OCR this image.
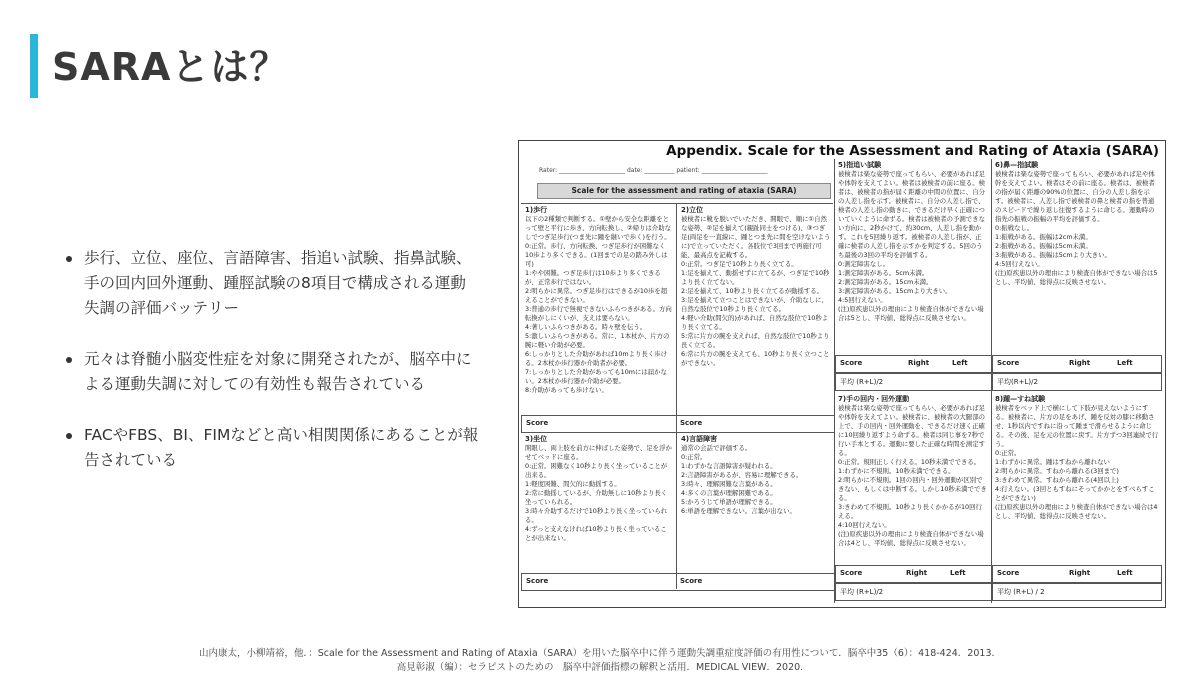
SARAとは？
歩行、立位、座位、言語障害、指追い試験、指鼻試験、手の回内回外運動、踵脛試験の8項目で構成される運動失調の評価バッテリー
元々は脊髄小脳変性症を対象に開発されたが、脳卒中による運動失調に対しての有効性も報告されている
FACやFBS、BI、FIMなどと高い相関関係にあることが報告されている
Appendix. Scale for the Assessment and Rating of Ataxia (SARA)
Rater: ______________________ date: __________ patient: ______________________
Scale for the assessment and rating of ataxia (SARA)
1)歩行

以下の2種類で判断する。①壁から安全な距離をとって壁と平行に歩き、方向転換し、②帰りは介助なしでつぎ足歩行(つま先に踵を継いで歩く)を行う。

0:正常。歩行、方向転換、つぎ足歩行が困難なく10歩より多くできる。(1回までの足の踏み外しは可)

1:やや困難。つぎ足歩行は10歩より多くできるが、正常歩行ではない。

2:明らかに異常。つぎ足歩行はできるが10歩を超えることができない。

3:普通の歩行で無視できないふらつきがある。方向転換がしにくいが、支えは要らない。

4:著しいふらつきがある。時々壁を伝う。

5:激しいふらつきがある。常に、1本杖か、片方の腕に軽い介助が必要。

6:しっかりとした介助があれば10mより長く歩ける。2本杖か歩行器か介助者が必要。

7:しっかりとした介助があっても10mには届かない。2本杖か歩行器か介助が必要。

8:介助があっても歩けない。

2)立位

被検者に靴を脱いでいただき、開眼で、順に①自然な姿勢、②足を揃えて(親趾同士をつける)、③つぎ足(両足を一直線に、踵とつま先に間を空けないように)で立っていただく。各肢位で3回まで再施行可能、最高点を記載する。

0:正常。つぎ足で10秒より長く立てる。

1:足を揃えて、動揺せずに立てるが、つぎ足で10秒より長く立てない。

2:足を揃えて、10秒より長く立てるが動揺する。

3:足を揃えて立つことはできないが、介助なしに、自然な肢位で10秒より長く立てる。

4:軽い介助(間欠的)があれば、自然な肢位で10秒より長く立てる。

5:常に片方の腕を支えれば、自然な肢位で10秒より長く立てる。

6:常に片方の腕を支えても、10秒より長く立つことができない。

Score	Score
3)坐位

開眼し、両上肢を前方に伸ばした姿勢で、足を浮かせてベッドに座る。

0:正常。困難なく10秒より長く坐っていることが出来る。

1:軽度困難、間欠的に動揺する。

2:常に動揺しているが、介助無しに10秒より長く坐っていられる。

3:時々介助するだけで10秒より長く坐っていられる。

4:ずっと支えなければ10秒より長く坐っていることが出来ない。

4)言語障害

通常の会話で評価する。

0:正常。

1:わずかな言語障害が疑われる。

2:言語障害があるが、容易に理解できる。

3:時々、理解困難な言葉がある。

4:多くの言葉が理解困難である。

5:かろうじて単語が理解できる。

6:単語を理解できない。言葉が出ない。

Score	Score
5)指追い試験

被検者は楽な姿勢で座ってもらい、必要があれば足や体幹を支えてよい。検者は被検者の前に座る。検者は、被検者の指が届く距離の中間の位置に、自分の人差し指を示す。被検者に、自分の人差し指で、検者の人差し指の動きに、できるだけ早く正確についていくように命ずる。検者は被検者の予測できない方向に、2秒かけて、約30cm、人差し指を動かす。これを5回繰り返す。被検者の人差し指が、正確に検者の人差し指を示すかを判定する。5回のうち最後の3回の平均を評価する。

0:測定障害なし。

1:測定障害がある。5cm未満。

2:測定障害がある。15cm未満。

3:測定障害がある。15cmより大きい。

4:5回行えない。

(注)原疾患以外の理由により検査自体ができない場合は5とし、平均値、総得点に反映させない。

6)鼻—指試験

被検者は楽な姿勢で座ってもらい、必要があれば足や体幹を支えてよい。検者はその前に座る。検者は、被検者の指が届く距離の90%の位置に、自分の人差し指を示す。被検者に、人差し指で被検者の鼻と検者の指を普通のスピードで繰り返し往復するように命じる。運動時の指先の振戦の振幅の平均を評価する。

0:振戦なし。

1:振戦がある。振幅は2cm未満。

2:振戦がある。振幅は5cm未満。

3:振戦がある。振幅は5cmより大きい。

4:5回行えない。

(注)原疾患以外の理由により検査自体ができない場合は5とし、平均値、総得点に反映させない。

Score	Right	Left
平均 (R+L)/2
Score	Right	Left
平均(R+L)/2
7)手の回内・回外運動

被検者は楽な姿勢で座ってもらい、必要があれば足や体幹を支えてよい。被検者に、被検者の大腿部の上で、手の回内・回外運動を、できるだけ速く正確に10回繰り返すよう命ずる。検者は同じ事を7秒で行い手本とする。運動に要した正確な時間を測定する。

0:正常。規則正しく行える。10秒未満でできる。

1:わずかに不規則。10秒未満でできる。

2:明らかに不規則。1回の回内・回外運動が区別できない、もしくは中断する。しかし10秒未満でできる。

3:きわめて不規則。10秒より長くかかるが10回行える。

4:10回行えない。

(注)原疾患以外の理由により検査自体ができない場合は4とし、平均値、総得点に反映させない。

8)踵—すね試験

被検者をベッド上で横にして下肢が見えないようにする。被検者に、片方の足をあげ、踵を反対の膝に移動させ、1秒以内ですねに沿って踵まで滑らせるように命じる。その後、足を元の位置に戻す。片方ずつ3回連続で行う。

0:正常。

1:わずかに異常。踵はすねから離れない

2:明らかに異常。すねから離れる(3回まで)

3:きわめて異常。すねから離れる(4回以上)

4:行えない。(3回ともすねにそってかかとをすべらすことができない)

(注)原疾患以外の理由により検査自体ができない場合は4とし、平均値、総得点に反映させない。

Score	Right	Left
平均 (R+L)/2
Score	Right	Left
平均 (R+L) / 2
山内康太，小柳靖裕，他．：Scale for the Assessment and Rating of Ataxia（SARA）を用いた脳卒中に伴う運動失調重症度評価の有用性について．脳卒中35（6）：418-424．2013．
高見彰淑（編）：セラピストのための　脳卒中評価指標の解釈と活用．MEDICAL VIEW．2020.
